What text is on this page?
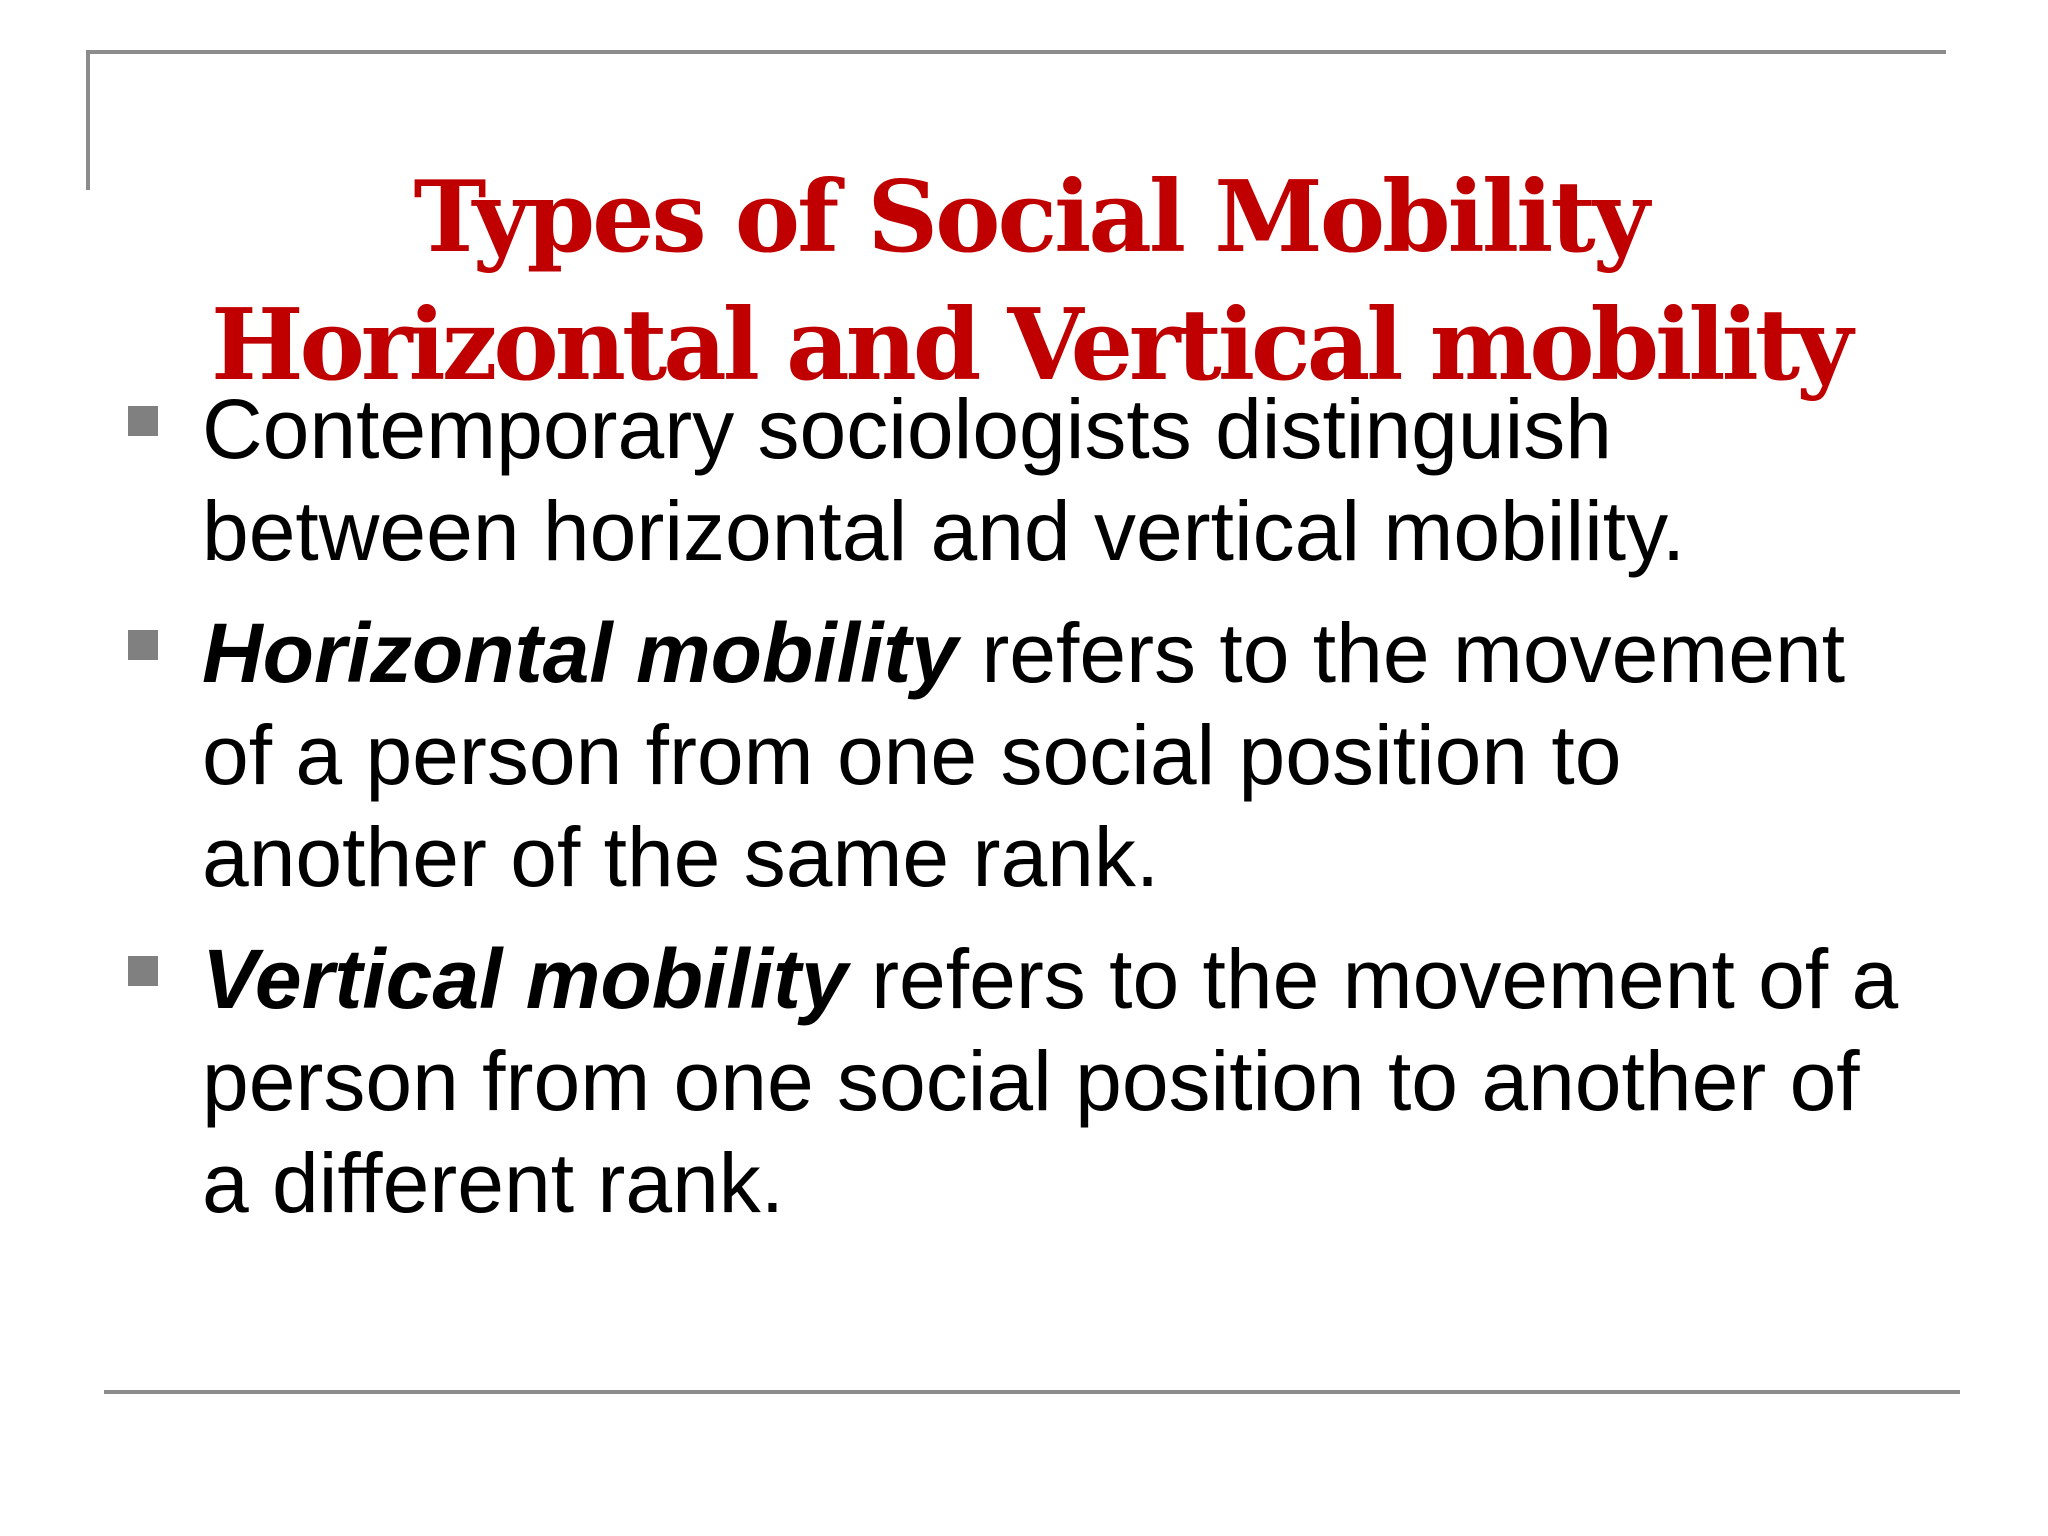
Types of Social Mobility
Horizontal and Vertical mobility
Contemporary sociologists distinguish
between horizontal and vertical mobility.
Horizontal mobility refers to the movement
of a person from one social position to
another of the same rank.
Vertical mobility refers to the movement of a
person from one social position to another of
a different rank.
